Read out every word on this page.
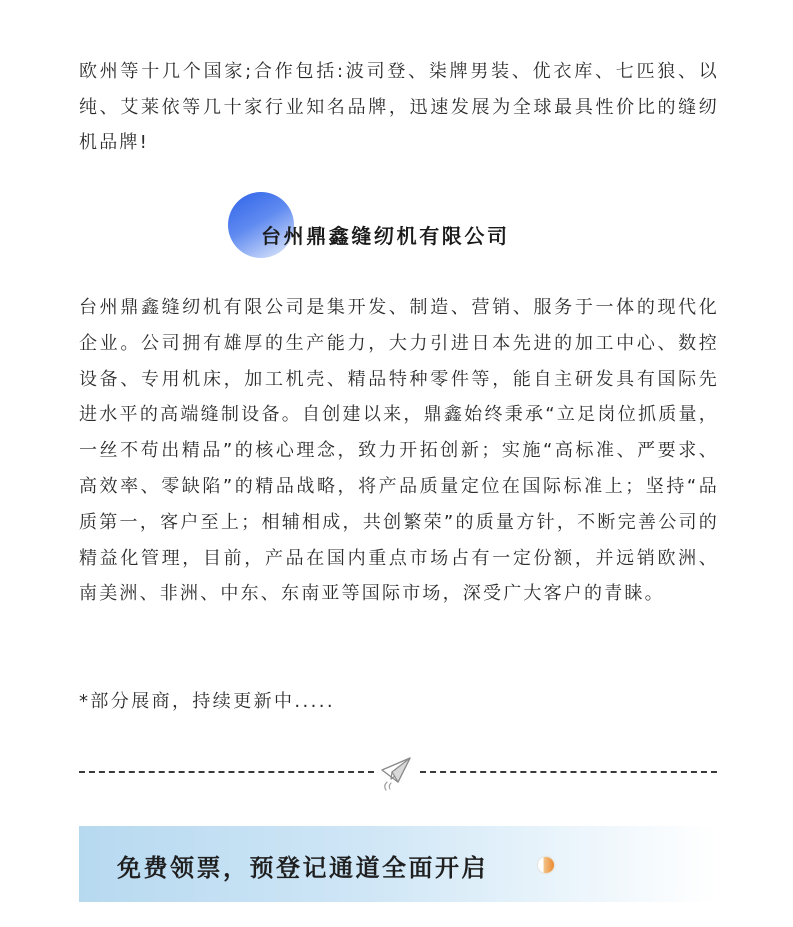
欧州等十几个国家;合作包括:波司登、柒牌男装、优衣库、七匹狼、以纯、艾莱依等几十家行业知名品牌，迅速发展为全球最具性价比的缝纫机品牌!

台州鼎鑫缝纫机有限公司

台州鼎鑫缝纫机有限公司是集开发、制造、营销、服务于一体的现代化企业。公司拥有雄厚的生产能力，大力引进日本先进的加工中心、数控设备、专用机床，加工机壳、精品特种零件等，能自主研发具有国际先进水平的高端缝制设备。自创建以来，鼎鑫始终秉承“立足岗位抓质量，一丝不苟出精品”的核心理念，致力开拓创新；实施“高标准、严要求、高效率、零缺陷”的精品战略，将产品质量定位在国际标准上；坚持“品质第一，客户至上；相辅相成，共创繁荣”的质量方针，不断完善公司的精益化管理，目前，产品在国内重点市场占有一定份额，并远销欧洲、南美洲、非洲、中东、东南亚等国际市场，深受广大客户的青睐。

*部分展商，持续更新中.....

免费领票，预登记通道全面开启
